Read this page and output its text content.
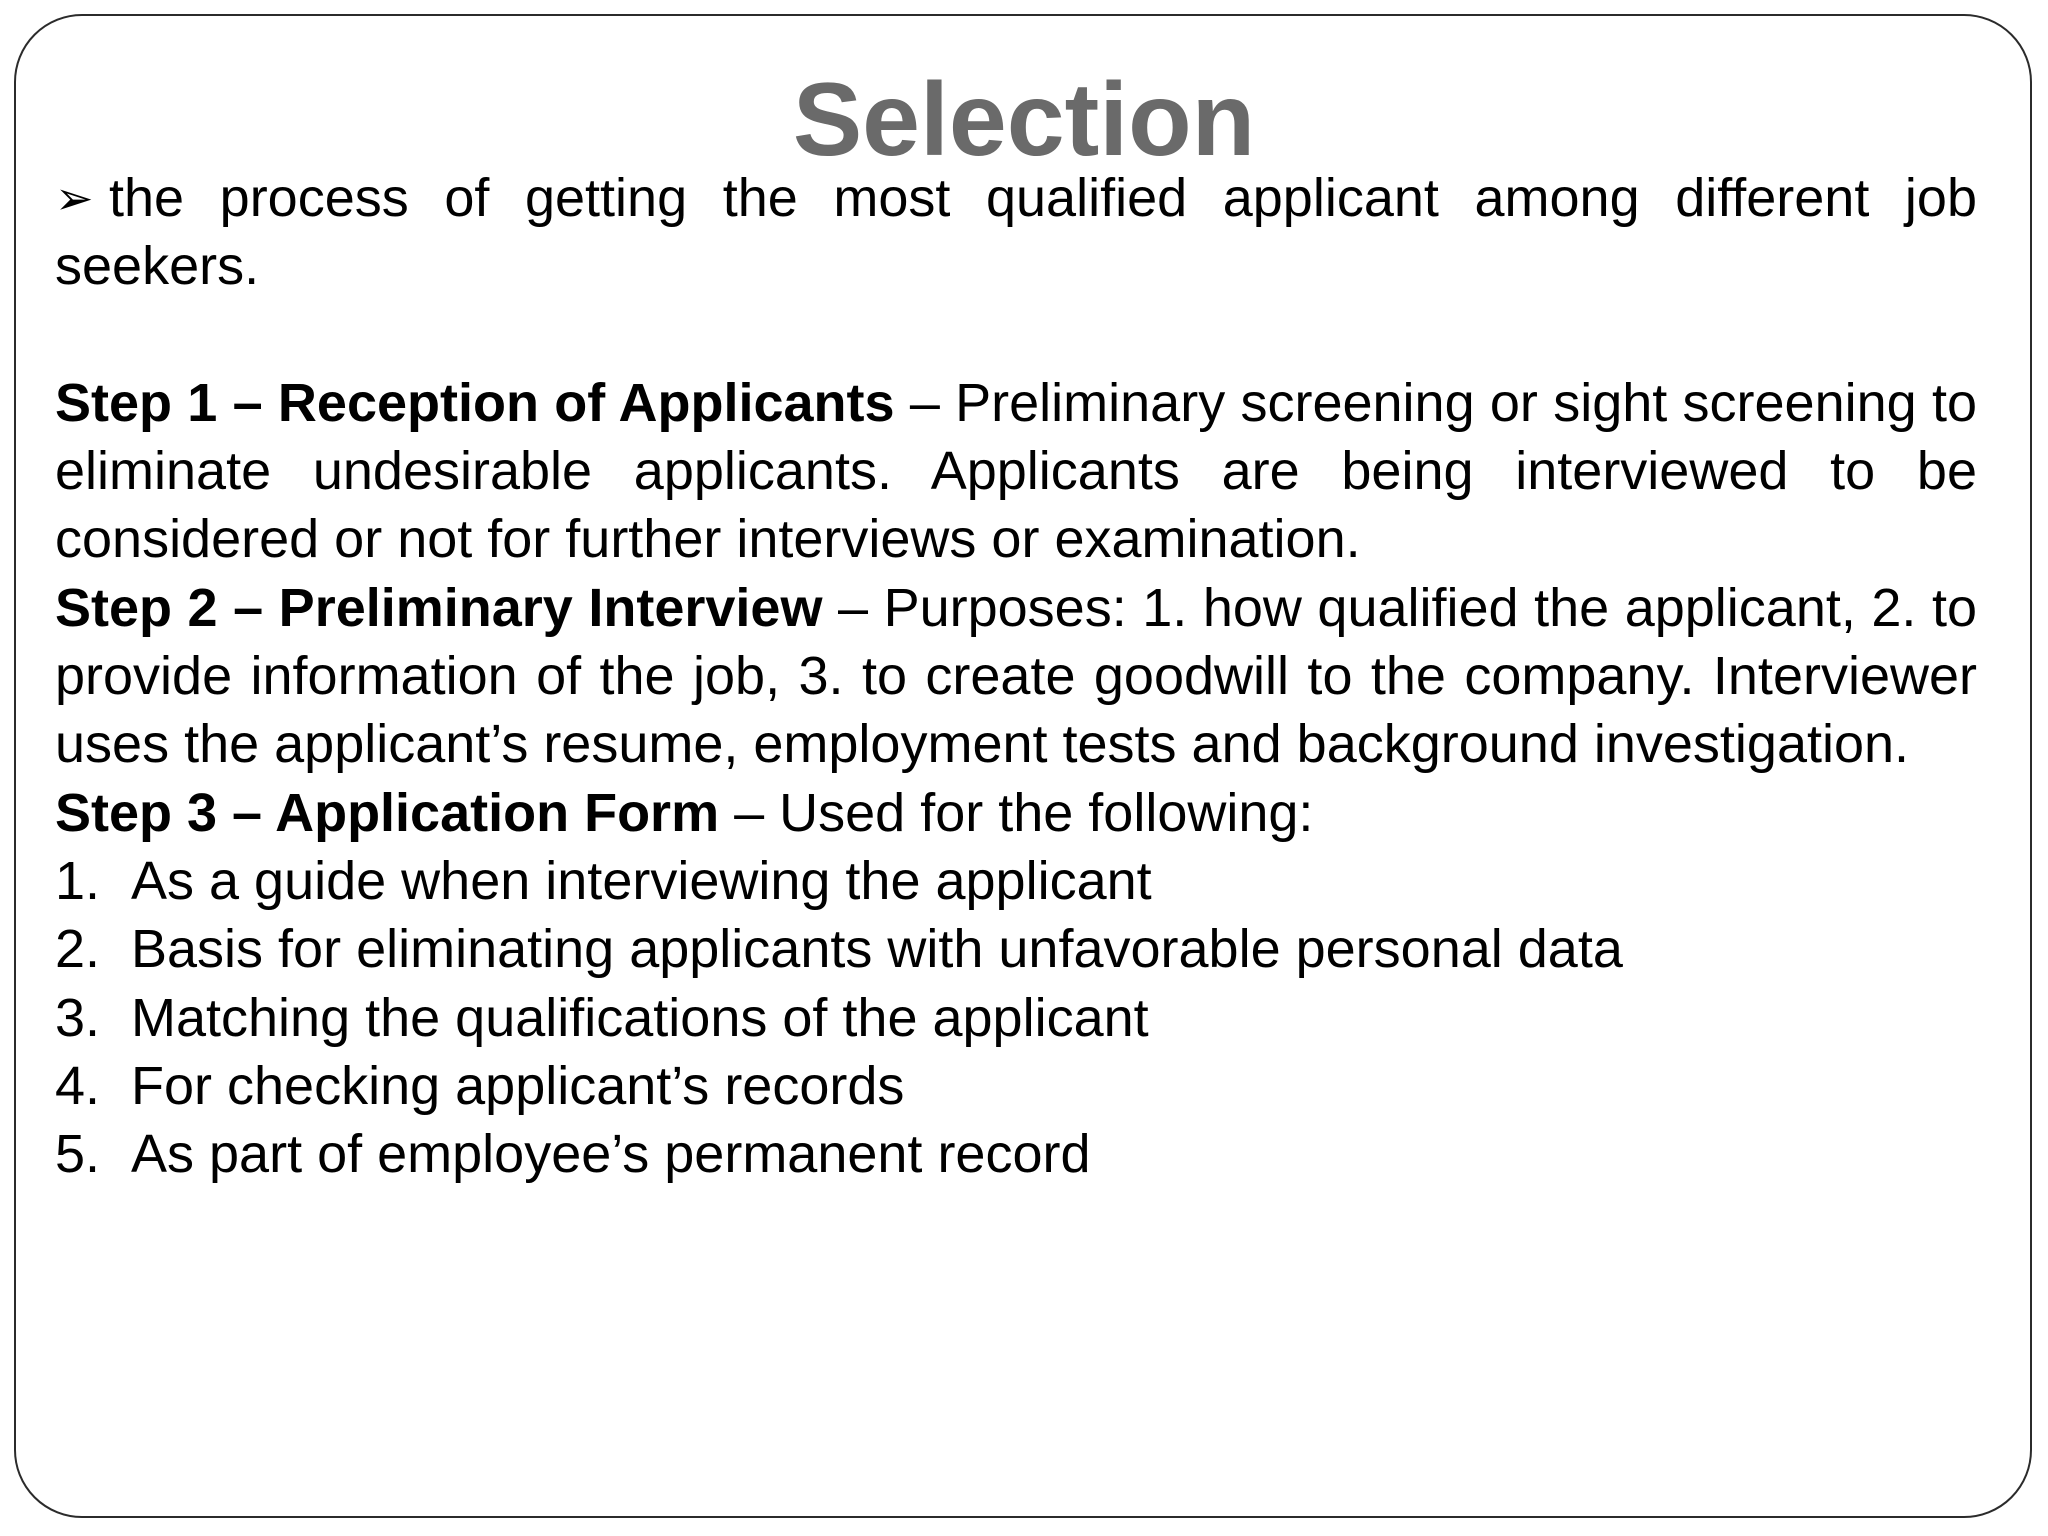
Selection

➢ the process of getting the most qualified applicant among different job seekers.

Step 1 – Reception of Applicants – Preliminary screening or sight screening to eliminate undesirable applicants. Applicants are being interviewed to be considered or not for further interviews or examination.

Step 2 – Preliminary Interview – Purposes: 1. how qualified the applicant, 2. to provide information of the job, 3. to create goodwill to the company. Interviewer uses the applicant’s resume, employment tests and background investigation.

Step 3 – Application Form – Used for the following:

1. As a guide when interviewing the applicant
2. Basis for eliminating applicants with unfavorable personal data
3. Matching the qualifications of the applicant
4. For checking applicant’s records
5. As part of employee’s permanent record
